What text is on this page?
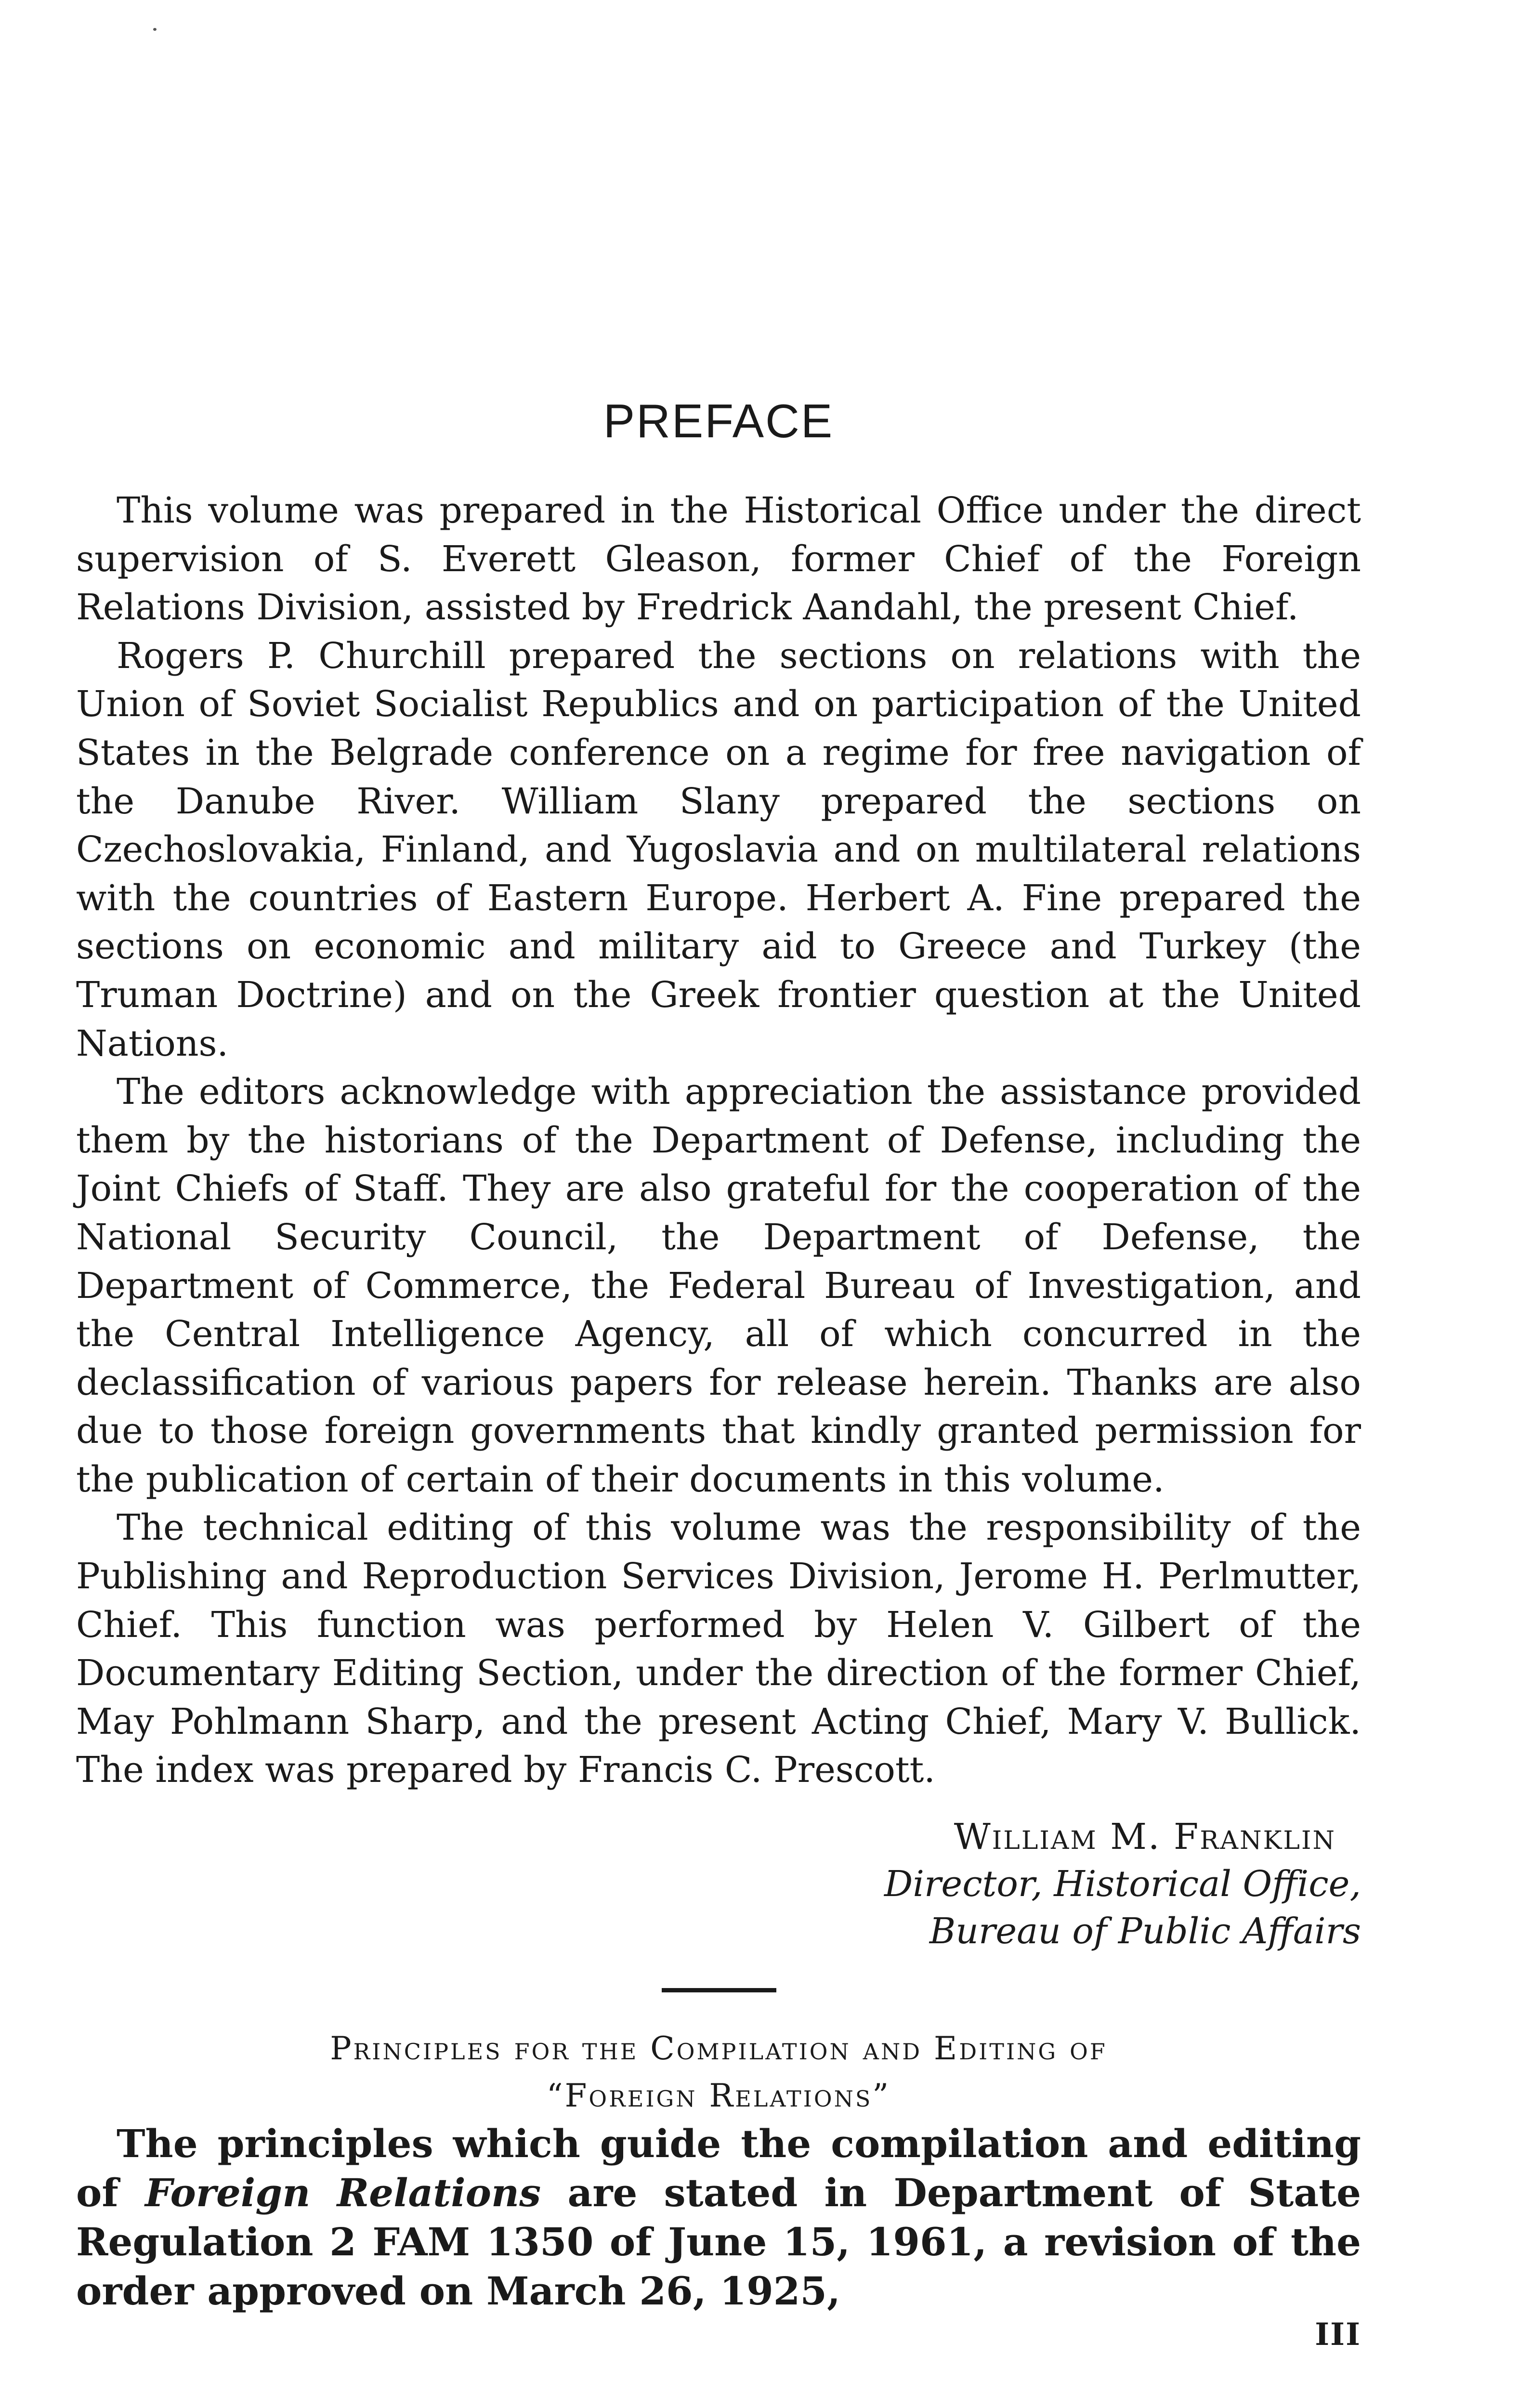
PREFACE

This volume was prepared in the Historical Office under the direct supervision of S. Everett Gleason, former Chief of the Foreign Relations Division, assisted by Fredrick Aandahl, the present Chief.

Rogers P. Churchill prepared the sections on relations with the Union of Soviet Socialist Republics and on participation of the United States in the Belgrade conference on a regime for free navigation of the Danube River. William Slany prepared the sections on Czechoslovakia, Finland, and Yugoslavia and on multilateral relations with the countries of Eastern Europe. Herbert A. Fine prepared the sections on economic and military aid to Greece and Turkey (the Truman Doctrine) and on the Greek frontier question at the United Nations.

The editors acknowledge with appreciation the assistance provided them by the historians of the Department of Defense, including the Joint Chiefs of Staff. They are also grateful for the cooperation of the National Security Council, the Department of Defense, the Department of Commerce, the Federal Bureau of Investigation, and the Central Intelligence Agency, all of which concurred in the declassification of various papers for release herein. Thanks are also due to those foreign governments that kindly granted permission for the publication of certain of their documents in this volume.

The technical editing of this volume was the responsibility of the Publishing and Reproduction Services Division, Jerome H. Perlmutter, Chief. This function was performed by Helen V. Gilbert of the Documentary Editing Section, under the direction of the former Chief, May Pohlmann Sharp, and the present Acting Chief, Mary V. Bullick. The index was prepared by Francis C. Prescott.

William M. Franklin
Director, Historical Office,
Bureau of Public Affairs
Principles for the Compilation and Editing of
“Foreign Relations”

The principles which guide the compilation and editing of Foreign Relations are stated in Department of State Regulation 2 FAM 1350 of June 15, 1961, a revision of the order approved on March 26, 1925,

III
